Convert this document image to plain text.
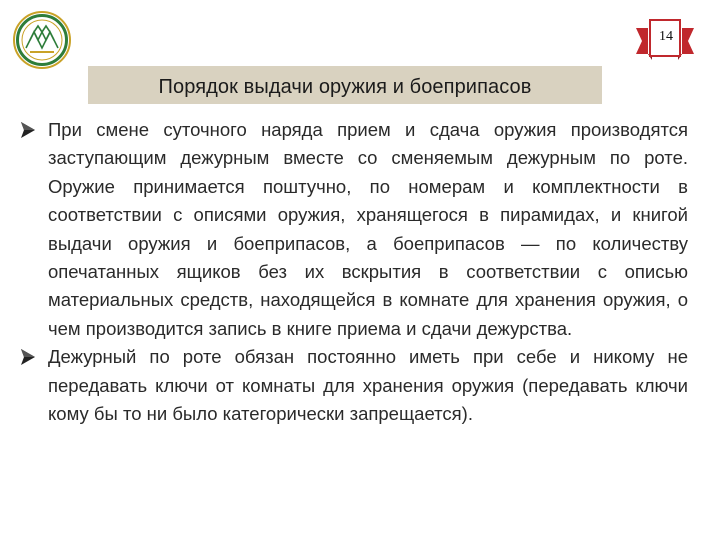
14
Порядок выдачи оружия и боеприпасов
При смене суточного наряда прием и сдача оружия производятся заступающим дежурным вместе со сменяемым дежурным по роте. Оружие принимается поштучно, по номерам и комплектности в соответствии с описями оружия, хранящегося в пирамидах, и книгой выдачи оружия и боеприпасов, а боеприпасов — по количеству опечатанных ящиков без их вскрытия в соответствии с описью материальных средств, находящейся в комнате для хранения оружия, о чем производится запись в книге приема и сдачи дежурства.
Дежурный по роте обязан постоянно иметь при себе и никому не передавать ключи от комнаты для хранения оружия (передавать ключи кому бы то ни было категорически запрещается).
